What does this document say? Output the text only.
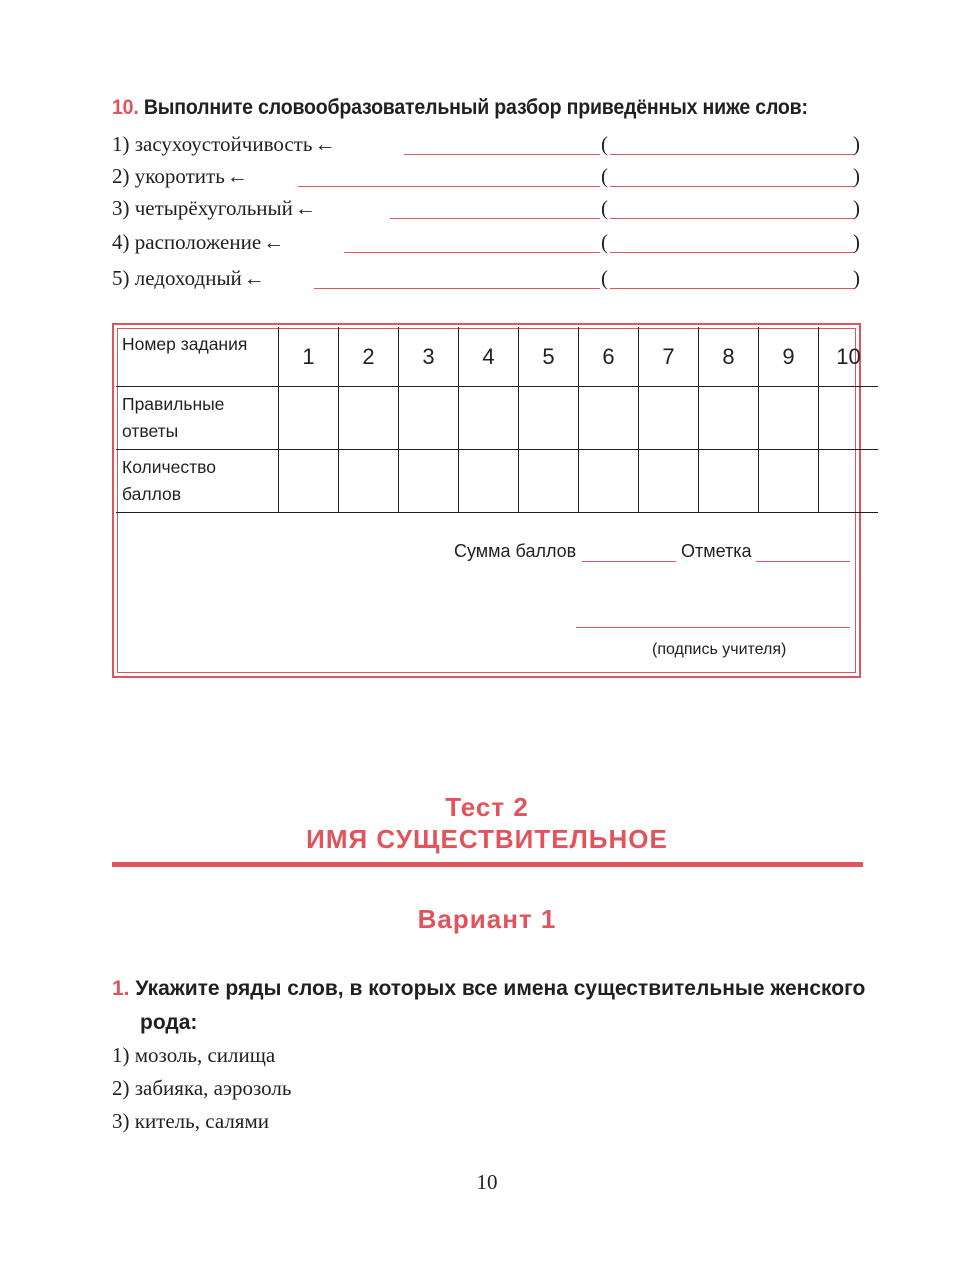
10. Выполните словообразовательный разбор приведённых ниже слов:
1) засухоустойчивость←	(	)
2) укоротить←	(	)
3) четырёхугольный←	(	)
4) расположение←	(	)
5) ледоходный←	(	)
Номер задания	1	2	3	4	5	6	7	8	9	10
Правильные ответы										
Количество баллов										
Сумма баллов	Отметка
(подпись учителя)
Тест 2
ИМЯ СУЩЕСТВИТЕЛЬНОЕ
Вариант 1
1. Укажите ряды слов, в которых все имена существительные женского
рода:
1) мозоль, силища
2) забияка, аэрозоль
3) китель, салями
10
